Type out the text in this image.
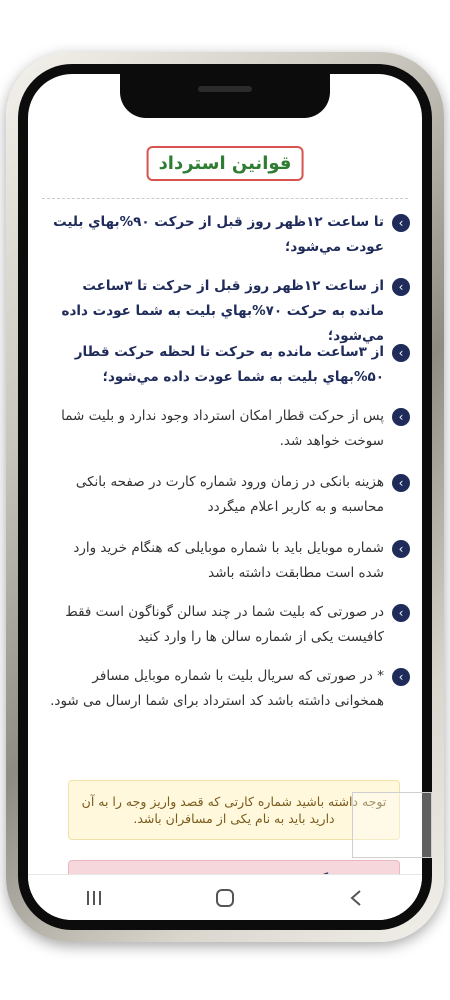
قوانین استرداد
›
تا ساعت ۱۲ظهر روز قبل از حرکت ۹۰%بهاي بليت عودت مي‌شود؛
›
از ساعت ۱۲ظهر روز قبل از حرکت تا ۳ساعت مانده به حرکت ۷۰%بهاي بليت به شما عودت داده مي‌شود؛
›
از ۳ساعت مانده به حرکت تا لحظه حرکت قطار ۵۰%بهاي بليت به شما عودت داده مي‌شود؛
›
پس از حرکت قطار امکان استرداد وجود ندارد و بلیت شما سوخت خواهد شد.
›
هزینه بانکی در زمان ورود شماره کارت در صفحه بانکی محاسبه و به کاربر اعلام میگردد
›
شماره موبایل باید با شماره موبایلی که هنگام خرید وارد شده است مطابقت داشته باشد
›
در صورتی که بلیت شما در چند سالن گوناگون است فقط کافیست یکی از شماره سالن ها را وارد کنید
›
* در صورتی که سریال بلیت با شماره موبایل مسافر همخوانی داشته باشد کد استرداد برای شما ارسال می شود.
توجه داشته باشید شماره کارتی که قصد واریز وجه را به آن دارید باید به نام یکی از مسافران باشد.
